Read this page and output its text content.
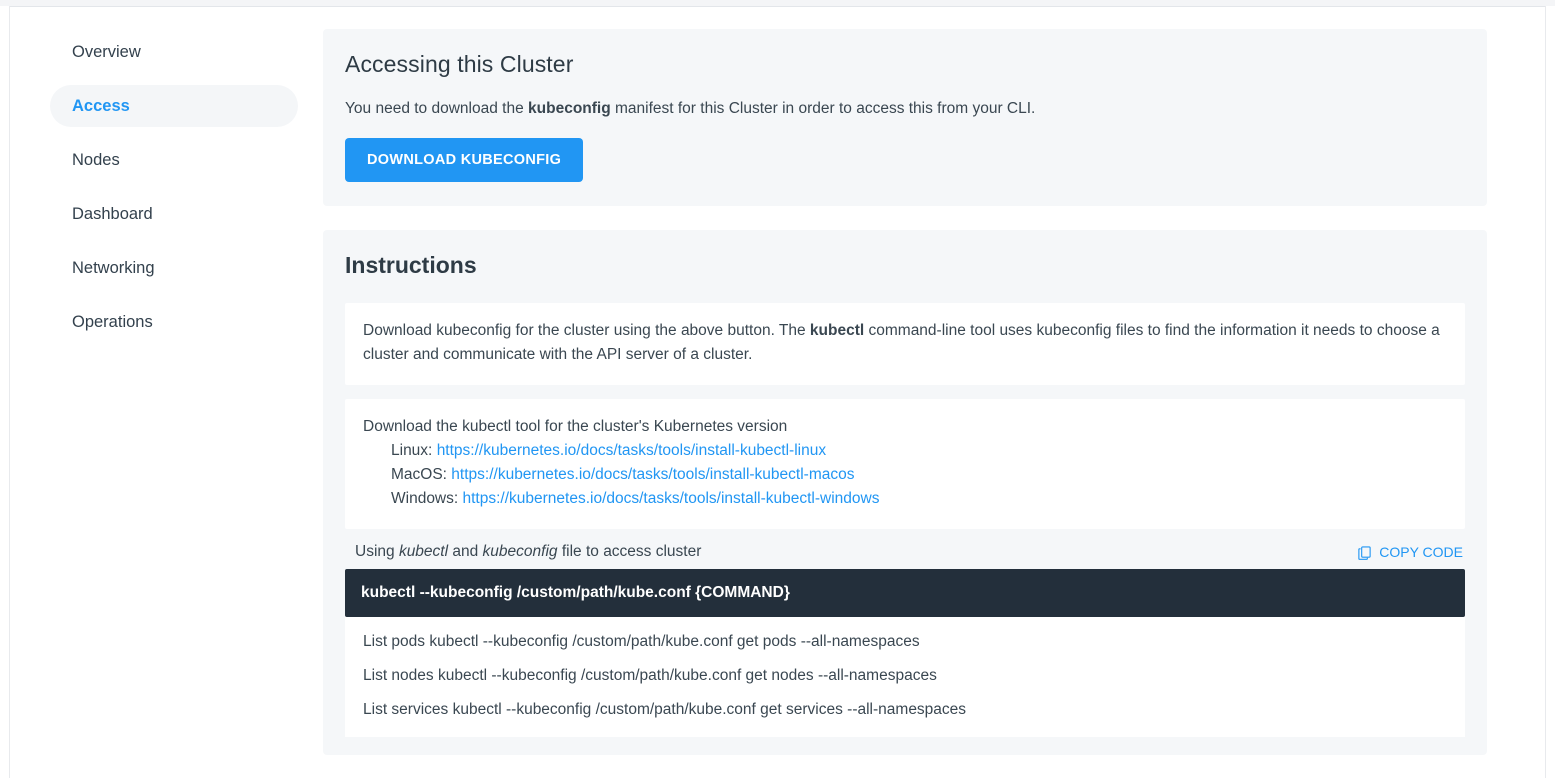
Overview
Access
Nodes
Dashboard
Networking
Operations
Accessing this Cluster

You need to download the kubeconfig manifest for this Cluster in order to access this from your CLI.

DOWNLOAD KUBECONFIG
Instructions
Download kubeconfig for the cluster using the above button. The kubectl command-line tool uses kubeconfig files to find the information it needs to choose a cluster and communicate with the API server of a cluster.
Download the kubectl tool for the cluster's Kubernetes version
Linux: https://kubernetes.io/docs/tasks/tools/install-kubectl-linux
MacOS: https://kubernetes.io/docs/tasks/tools/install-kubectl-macos
Windows: https://kubernetes.io/docs/tasks/tools/install-kubectl-windows
Using kubectl and kubeconfig file to access cluster	COPY CODE
kubectl --kubeconfig /custom/path/kube.conf {COMMAND}
List pods kubectl --kubeconfig /custom/path/kube.conf get pods --all-namespaces
List nodes kubectl --kubeconfig /custom/path/kube.conf get nodes --all-namespaces
List services kubectl --kubeconfig /custom/path/kube.conf get services --all-namespaces
